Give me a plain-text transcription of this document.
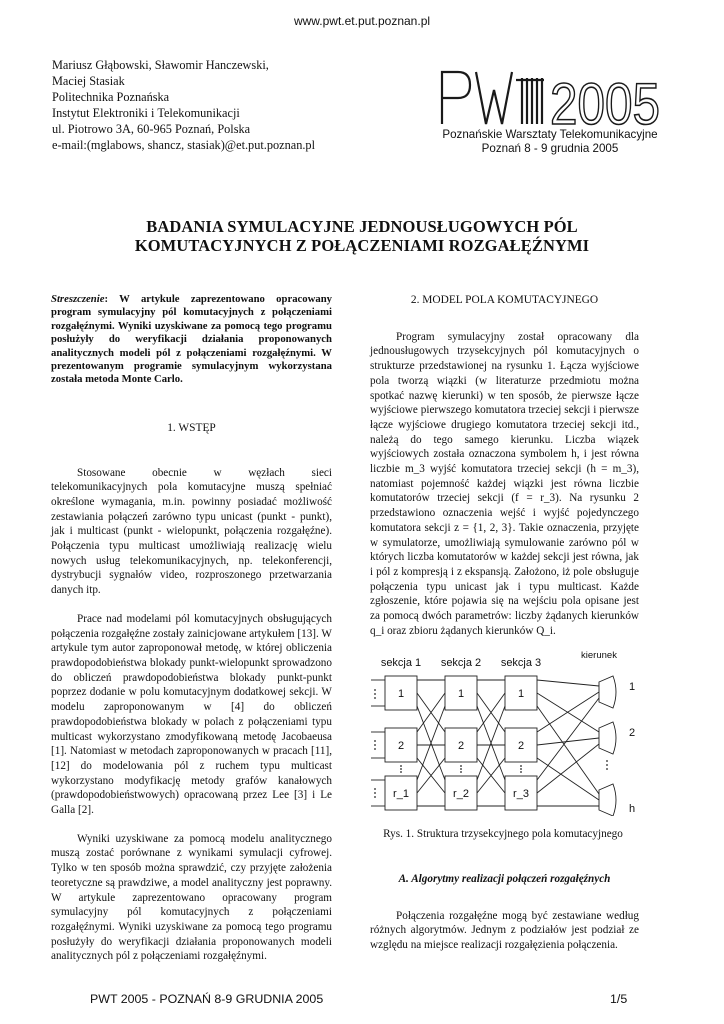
www.pwt.et.put.poznan.pl
Mariusz Głąbowski, Sławomir Hanczewski,
Maciej Stasiak
Politechnika Poznańska
Instytut Elektroniki i Telekomunikacji
ul. Piotrowo 3A, 60-965 Poznań, Polska
e-mail:(mglabows, shancz, stasiak)@et.put.poznan.pl
2005
Poznańskie Warsztaty Telekomunikacyjne
Poznań 8 - 9 grudnia 2005
BADANIA SYMULACYJNE JEDNOUSŁUGOWYCH PÓL
KOMUTACYJNYCH Z POŁĄCZENIAMI ROZGAŁĘŹNYMI

Streszczenie: W artykule zaprezentowano opracowany program symulacyjny pól komutacyjnych z połączeniami rozgałęźnymi. Wyniki uzyskiwane za pomocą tego programu posłużyły do weryfikacji działania proponowanych analitycznych modeli pól z połączeniami rozgałęźnymi. W prezentowanym programie symulacyjnym wykorzystana została metoda Monte Carlo.

1. WSTĘP

Stosowane obecnie w węzłach sieci telekomunikacyjnych pola komutacyjne muszą spełniać określone wymagania, m.in. powinny posiadać możliwość zestawiania połączeń zarówno typu unicast (punkt - punkt), jak i multicast (punkt - wielopunkt, połączenia rozgałęźne). Połączenia typu multicast umożliwiają realizację wielu nowych usług telekomunikacyjnych, np. telekonferencji, dystrybucji sygnałów video, rozproszonego przetwarzania danych itp.

Prace nad modelami pól komutacyjnych obsługujących połączenia rozgałęźne zostały zainicjowane artykułem [13]. W artykule tym autor zaproponował metodę, w której obliczenia prawdopodobieństwa blokady punkt-wielopunkt sprowadzono do obliczeń prawdopodobieństwa blokady punkt-punkt poprzez dodanie w polu komutacyjnym dodatkowej sekcji. W modelu zaproponowanym w [4] do obliczeń prawdopodobieństwa blokady w polach z połączeniami typu multicast wykorzystano zmodyfikowaną metodę Jacobaeusa [1]. Natomiast w metodach zaproponowanych w pracach [11], [12] do modelowania pól z ruchem typu multicast wykorzystano modyfikację metody grafów kanałowych (prawdopodobieństwowych) opracowaną przez Lee [3] i Le Galla [2].

Wyniki uzyskiwane za pomocą modelu analitycznego muszą zostać porównane z wynikami symulacji cyfrowej. Tylko w ten sposób można sprawdzić, czy przyjęte założenia teoretyczne są prawdziwe, a model analityczny jest poprawny. W artykule zaprezentowano opracowany program symulacyjny pól komutacyjnych z połączeniami rozgałęźnymi. Wyniki uzyskiwane za pomocą tego programu posłużyły do weryfikacji działania proponowanych modeli analitycznych pól z połączeniami rozgałęźnymi.

2. MODEL POLA KOMUTACYJNEGO

Program symulacyjny został opracowany dla jednousługowych trzysekcyjnych pól komutacyjnych o strukturze przedstawionej na rysunku 1. Łącza wyjściowe pola tworzą wiązki (w literaturze przedmiotu można spotkać nazwę kierunki) w ten sposób, że pierwsze łącze wyjściowe pierwszego komutatora trzeciej sekcji i pierwsze łącze wyjściowe drugiego komutatora trzeciej sekcji itd., należą do tego samego kierunku. Liczba wiązek wyjściowych została oznaczona symbolem h, i jest równa liczbie m_3 wyjść komutatora trzeciej sekcji (h = m_3), natomiast pojemność każdej wiązki jest równa liczbie komutatorów trzeciej sekcji (f = r_3). Na rysunku 2 przedstawiono oznaczenia wejść i wyjść pojedynczego komutatora sekcji z = {1, 2, 3}. Takie oznaczenia, przyjęte w symulatorze, umożliwiają symulowanie zarówno pól w których liczba komutatorów w każdej sekcji jest równa, jak i pól z kompresją i z ekspansją. Założono, iż pole obsługuje połączenia typu unicast jak i typu multicast. Każde zgłoszenie, które pojawia się na wejściu pola opisane jest za pomocą dwóch parametrów: liczby żądanych kierunków q_i oraz zbioru żądanych kierunków Q_i.

sekcja 1 sekcja 2 sekcja 3
kierunek
1
2
r_1
1
2
r_2
1
2
r_3
1
2
h
Rys. 1. Struktura trzysekcyjnego pola komutacyjnego
A. Algorytmy realizacji połączeń rozgałęźnych

Połączenia rozgałęźne mogą być zestawiane według różnych algorytmów. Jednym z podziałów jest podział ze względu na miejsce realizacji rozgałęzienia połączenia.

PWT 2005 - POZNAŃ 8-9 GRUDNIA 2005	1/5
